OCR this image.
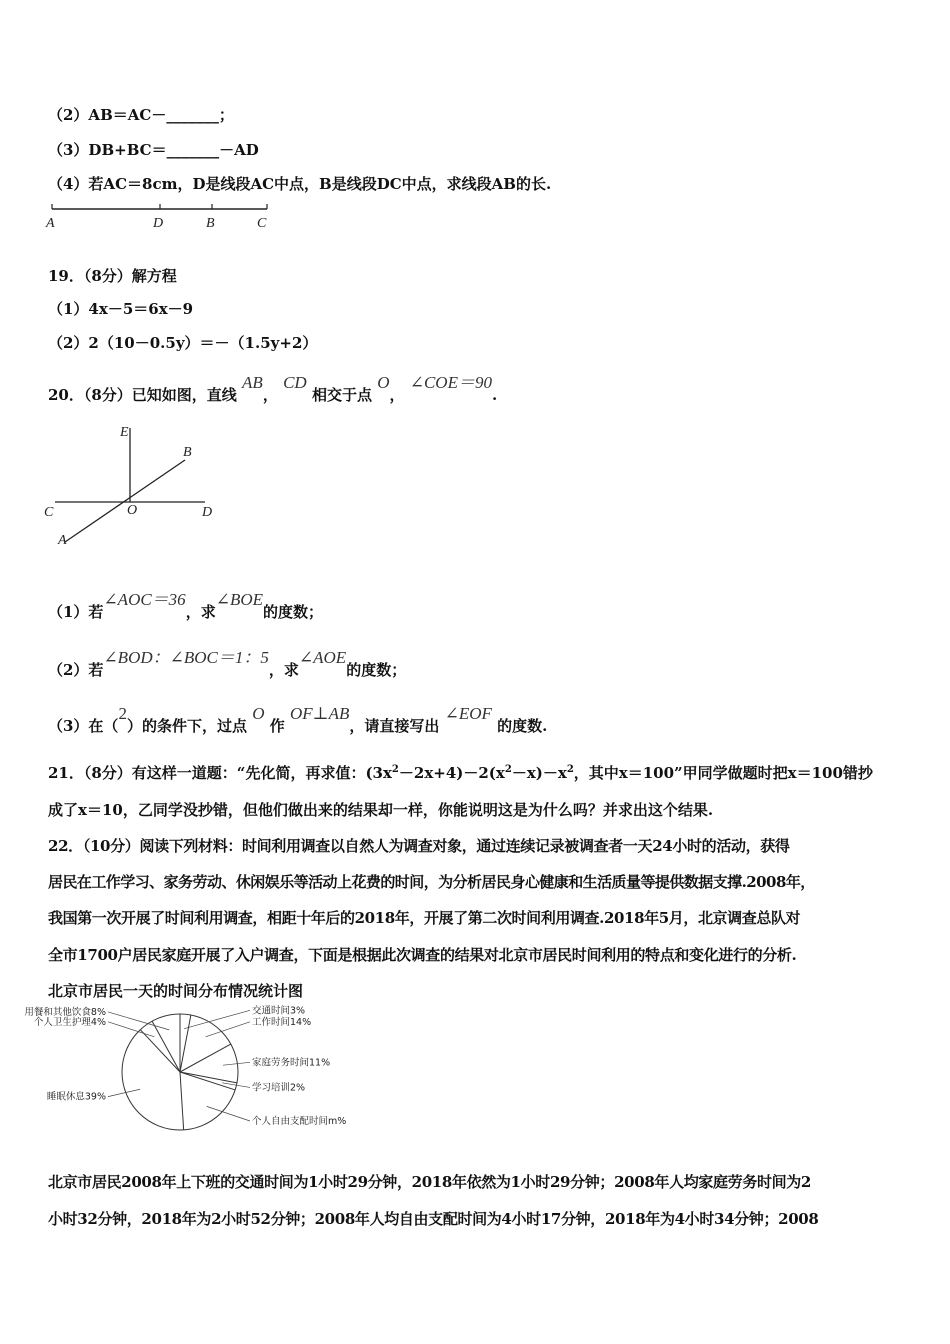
（2）AB＝AC－_______；
（3）DB+BC＝_______－AD
（4）若AC＝8cm，D是线段AC中点，B是线段DC中点，求线段AB的长.
A	D	B	C
19．（8分）解方程
（1）4x－5＝6x－9
（2）2（10－0.5y）＝－（1.5y+2）
20．（8分）已知如图，直线 AB， CD 相交于点 O， ∠COE＝90.
E
B
C	O	D
A
（1）若∠AOC＝36，求∠BOE的度数；
（2）若∠BOD：∠BOC＝1：5，求∠AOE的度数；
（3）在（2）的条件下，过点 O 作 OF⊥AB，请直接写出 ∠EOF 的度数.
21．（8分）有这样一道题：“先化简，再求值：$(3x^2-2x+4)-2(x^2-x)-x^2$，其中x＝100”甲同学做题时把x＝100错抄
成了x＝10，乙同学没抄错，但他们做出来的结果却一样，你能说明这是为什么吗？并求出这个结果.
22．（10分）阅读下列材料：时间利用调查以自然人为调查对象，通过连续记录被调查者一天24小时的活动，获得
居民在工作学习、家务劳动、休闲娱乐等活动上花费的时间，为分析居民身心健康和生活质量等提供数据支撑.2008年，
我国第一次开展了时间利用调查，相距十年后的2018年，开展了第二次时间利用调查.2018年5月，北京调查总队对
全市1700户居民家庭开展了入户调查，下面是根据此次调查的结果对北京市居民时间利用的特点和变化进行的分析.
北京市居民一天的时间分布情况统计图
交通时间3%
工作时间14%
家庭劳务时间11%
学习培训2%
个人自由支配时间m%
睡眠休息39%
个人卫生护理4%
用餐和其他饮食8%
北京市居民2008年上下班的交通时间为1小时29分钟，2018年依然为1小时29分钟；2008年人均家庭劳务时间为2
小时32分钟，2018年为2小时52分钟；2008年人均自由支配时间为4小时17分钟，2018年为4小时34分钟；2008
